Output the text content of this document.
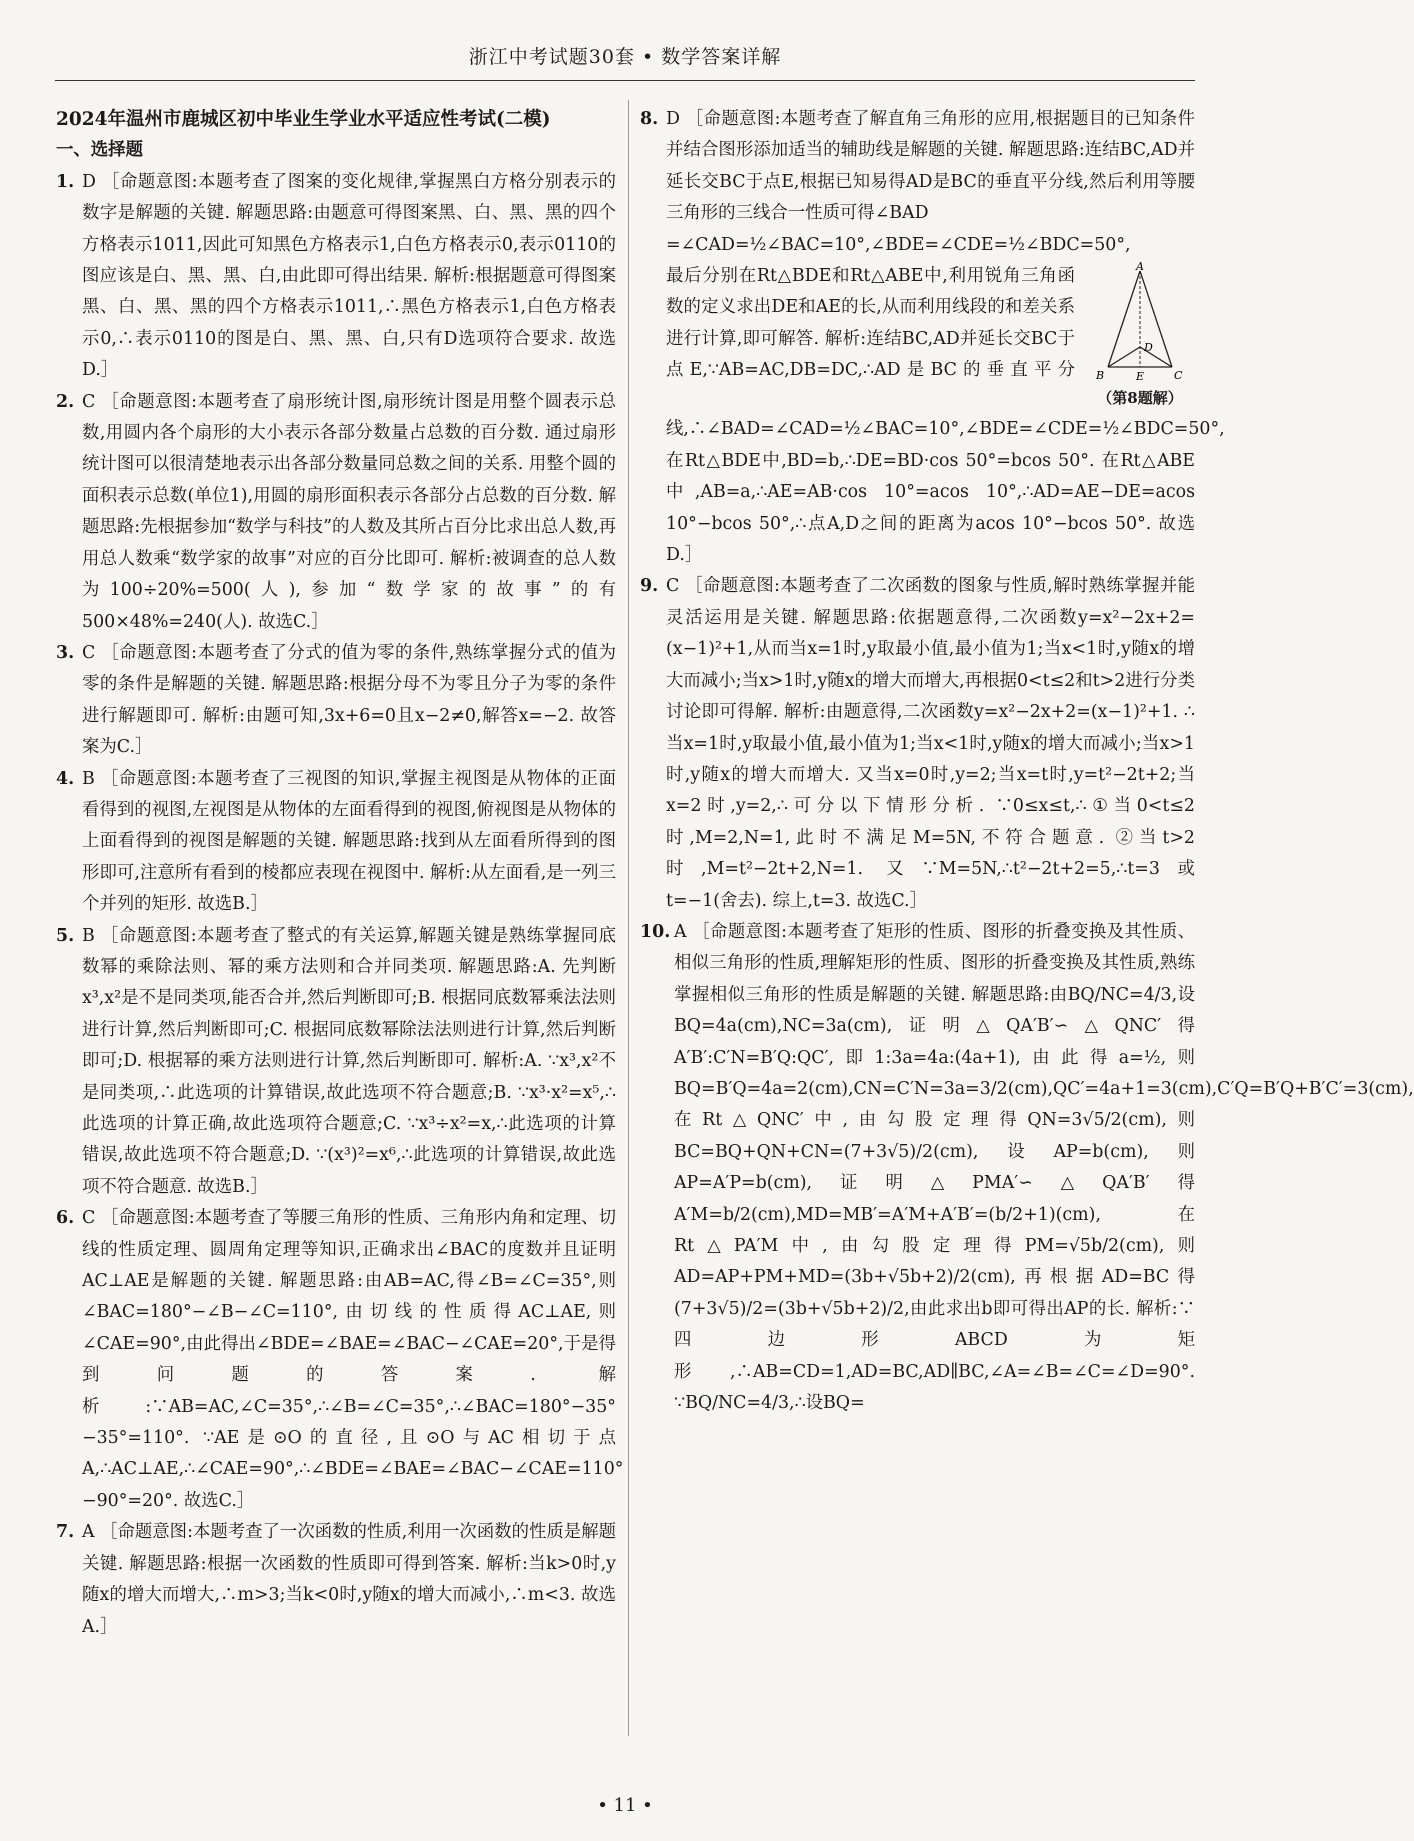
浙江中考试题30套 • 数学答案详解

2024年温州市鹿城区初中毕业生学业水平适应性考试(二模)

一、选择题

1. D ［命题意图:本题考查了图案的变化规律,掌握黑白方格分别表示的数字是解题的关键. 解题思路:由题意可得图案黑、白、黑、黑的四个方格表示1011,因此可知黑色方格表示1,白色方格表示0,表示0110的图应该是白、黑、黑、白,由此即可得出结果. 解析:根据题意可得图案黑、白、黑、黑的四个方格表示1011,∴黑色方格表示1,白色方格表示0,∴表示0110的图是白、黑、黑、白,只有D选项符合要求. 故选D.］

2. C ［命题意图:本题考查了扇形统计图,扇形统计图是用整个圆表示总数,用圆内各个扇形的大小表示各部分数量占总数的百分数. 通过扇形统计图可以很清楚地表示出各部分数量同总数之间的关系. 用整个圆的面积表示总数(单位1),用圆的扇形面积表示各部分占总数的百分数. 解题思路:先根据参加“数学与科技”的人数及其所占百分比求出总人数,再用总人数乘“数学家的故事”对应的百分比即可. 解析:被调查的总人数为100÷20%=500(人),参加“数学家的故事”的有500×48%=240(人). 故选C.］

3. C ［命题意图:本题考查了分式的值为零的条件,熟练掌握分式的值为零的条件是解题的关键. 解题思路:根据分母不为零且分子为零的条件进行解题即可. 解析:由题可知,3x+6=0且x−2≠0,解答x=−2. 故答案为C.］

4. B ［命题意图:本题考查了三视图的知识,掌握主视图是从物体的正面看得到的视图,左视图是从物体的左面看得到的视图,俯视图是从物体的上面看得到的视图是解题的关键. 解题思路:找到从左面看所得到的图形即可,注意所有看到的棱都应表现在视图中. 解析:从左面看,是一列三个并列的矩形. 故选B.］

5. B ［命题意图:本题考查了整式的有关运算,解题关键是熟练掌握同底数幂的乘除法则、幂的乘方法则和合并同类项. 解题思路:A. 先判断x³,x²是不是同类项,能否合并,然后判断即可;B. 根据同底数幂乘法法则进行计算,然后判断即可;C. 根据同底数幂除法法则进行计算,然后判断即可;D. 根据幂的乘方法则进行计算,然后判断即可. 解析:A. ∵x³,x²不是同类项,∴此选项的计算错误,故此选项不符合题意;B. ∵x³·x²=x⁵,∴此选项的计算正确,故此选项符合题意;C. ∵x³÷x²=x,∴此选项的计算错误,故此选项不符合题意;D. ∵(x³)²=x⁶,∴此选项的计算错误,故此选项不符合题意. 故选B.］

6. C ［命题意图:本题考查了等腰三角形的性质、三角形内角和定理、切线的性质定理、圆周角定理等知识,正确求出∠BAC的度数并且证明AC⊥AE是解题的关键. 解题思路:由AB=AC,得∠B=∠C=35°,则∠BAC=180°−∠B−∠C=110°,由切线的性质得AC⊥AE,则∠CAE=90°,由此得出∠BDE=∠BAE=∠BAC−∠CAE=20°,于是得到问题的答案. 解析:∵AB=AC,∠C=35°,∴∠B=∠C=35°,∴∠BAC=180°−35°−35°=110°. ∵AE是⊙O的直径,且⊙O与AC相切于点A,∴AC⊥AE,∴∠CAE=90°,∴∠BDE=∠BAE=∠BAC−∠CAE=110°−90°=20°. 故选C.］

7. A ［命题意图:本题考查了一次函数的性质,利用一次函数的性质是解题关键. 解题思路:根据一次函数的性质即可得到答案. 解析:当k>0时,y随x的增大而增大,∴m>3;当k<0时,y随x的增大而减小,∴m<3. 故选A.］

8. D ［命题意图:本题考查了解直角三角形的应用,根据题目的已知条件并结合图形添加适当的辅助线是解题的关键. 解题思路:连结BC,AD并延长交BC于点E,根据已知易得AD是BC的垂直平分线,然后利用等腰三角形的三线合一性质可得∠BAD
=∠CAD=½∠BAC=10°,∠BDE=∠CDE=½∠BDC=50°,
A
B	E	C
D
（第8题解）
最后分别在Rt△BDE和Rt△ABE中,利用锐角三角函数的定义求出DE和AE的长,从而利用线段的和差关系进行计算,即可解答. 解析:连结BC,AD并延长交BC于点E,∵AB=AC,DB=DC,∴AD是BC的垂直平分线,∴∠BAD=∠CAD=½∠BAC=10°,∠BDE=∠CDE=½∠BDC=50°,在Rt△BDE中,BD=b,∴DE=BD·cos 50°=bcos 50°. 在Rt△ABE中,AB=a,∴AE=AB·cos 10°=acos 10°,∴AD=AE−DE=acos 10°−bcos 50°,∴点A,D之间的距离为acos 10°−bcos 50°. 故选D.］

9. C ［命题意图:本题考查了二次函数的图象与性质,解时熟练掌握并能灵活运用是关键. 解题思路:依据题意得,二次函数y=x²−2x+2=(x−1)²+1,从而当x=1时,y取最小值,最小值为1;当x<1时,y随x的增大而减小;当x>1时,y随x的增大而增大,再根据0<t≤2和t>2进行分类讨论即可得解. 解析:由题意得,二次函数y=x²−2x+2=(x−1)²+1. ∴当x=1时,y取最小值,最小值为1;当x<1时,y随x的增大而减小;当x>1时,y随x的增大而增大. 又当x=0时,y=2;当x=t时,y=t²−2t+2;当x=2时,y=2,∴可分以下情形分析. ∵0≤x≤t,∴①当0<t≤2时,M=2,N=1,此时不满足M=5N,不符合题意. ②当t>2时,M=t²−2t+2,N=1. 又∵M=5N,∴t²−2t+2=5,∴t=3或t=−1(舍去). 综上,t=3. 故选C.］

10. A ［命题意图:本题考查了矩形的性质、图形的折叠变换及其性质、相似三角形的性质,理解矩形的性质、图形的折叠变换及其性质,熟练掌握相似三角形的性质是解题的关键. 解题思路:由BQ/NC=4/3,设BQ=4a(cm),NC=3a(cm),证明△QA′B′∽△QNC′得A′B′:C′N=B′Q:QC′,即1:3a=4a:(4a+1),由此得a=½,则BQ=B′Q=4a=2(cm),CN=C′N=3a=3/2(cm),QC′=4a+1=3(cm),C′Q=B′Q+B′C′=3(cm),在Rt△QNC′中,由勾股定理得QN=3√5/2(cm),则BC=BQ+QN+CN=(7+3√5)/2(cm),设AP=b(cm),则AP=A′P=b(cm),证明△PMA′∽△QA′B′得A′M=b/2(cm),MD=MB′=A′M+A′B′=(b/2+1)(cm),在Rt△PA′M中,由勾股定理得PM=√5b/2(cm),则AD=AP+PM+MD=(3b+√5b+2)/2(cm),再根据AD=BC得(7+3√5)/2=(3b+√5b+2)/2,由此求出b即可得出AP的长. 解析:∵四边形ABCD为矩形,∴AB=CD=1,AD=BC,AD∥BC,∠A=∠B=∠C=∠D=90°. ∵BQ/NC=4/3,∴设BQ=

• 11 •
